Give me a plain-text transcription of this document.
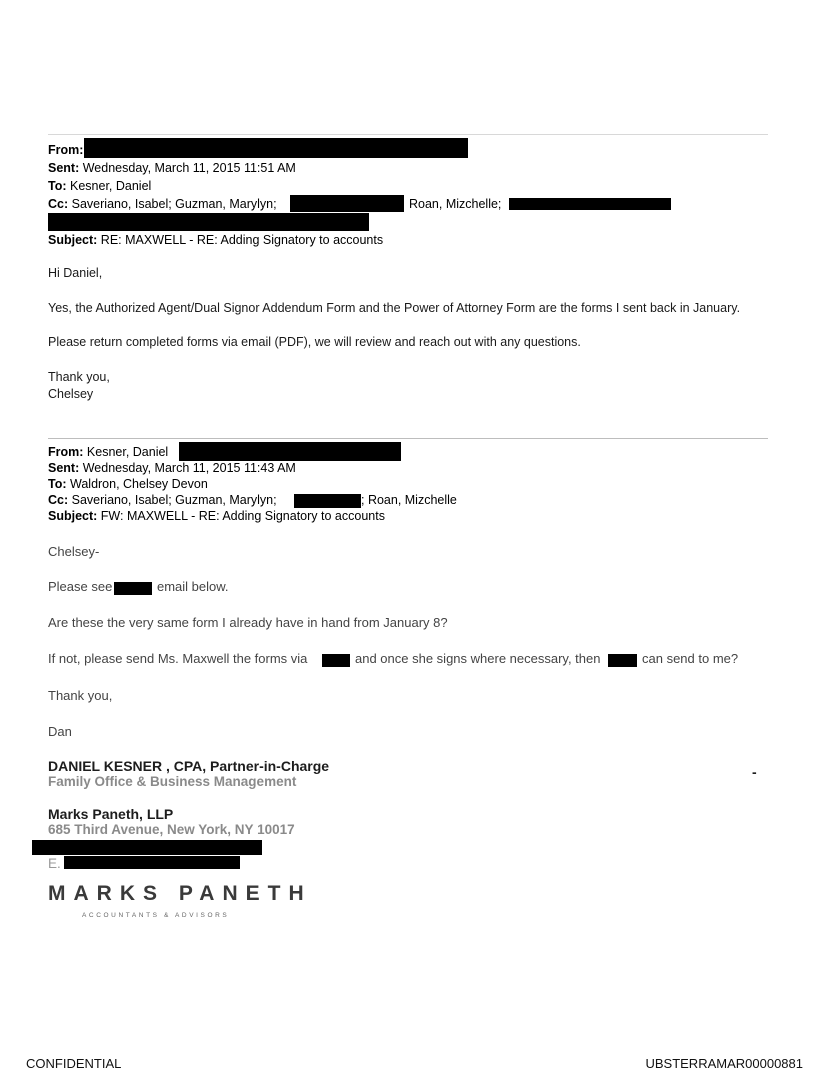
From:
Sent: Wednesday, March 11, 2015 11:51 AM
To: Kesner, Daniel
Cc: Saveriano, Isabel; Guzman, Marylyn;	Roan, Mizchelle;
Subject: RE: MAXWELL - RE: Adding Signatory to accounts
Hi Daniel,
Yes, the Authorized Agent/Dual Signor Addendum Form and the Power of Attorney Form are the forms I sent back in January.
Please return completed forms via email (PDF), we will review and reach out with any questions.
Thank you,
Chelsey
From: Kesner, Daniel
Sent: Wednesday, March 11, 2015 11:43 AM
To: Waldron, Chelsey Devon
Cc: Saveriano, Isabel; Guzman, Marylyn;	; Roan, Mizchelle
Subject: FW: MAXWELL - RE: Adding Signatory to accounts
Chelsey-
Please see	email below.
Are these the very same form I already have in hand from January 8?
If not, please send Ms. Maxwell the forms via	and once she signs where necessary, then	can send to me?
Thank you,
Dan
DANIEL KESNER , CPA, Partner-in-Charge
Family Office & Business Management
-
Marks Paneth, LLP
685 Third Avenue, New York, NY 10017
E.
MARKS PANETH
ACCOUNTANTS & ADVISORS
CONFIDENTIAL	UBSTERRAMAR00000881
